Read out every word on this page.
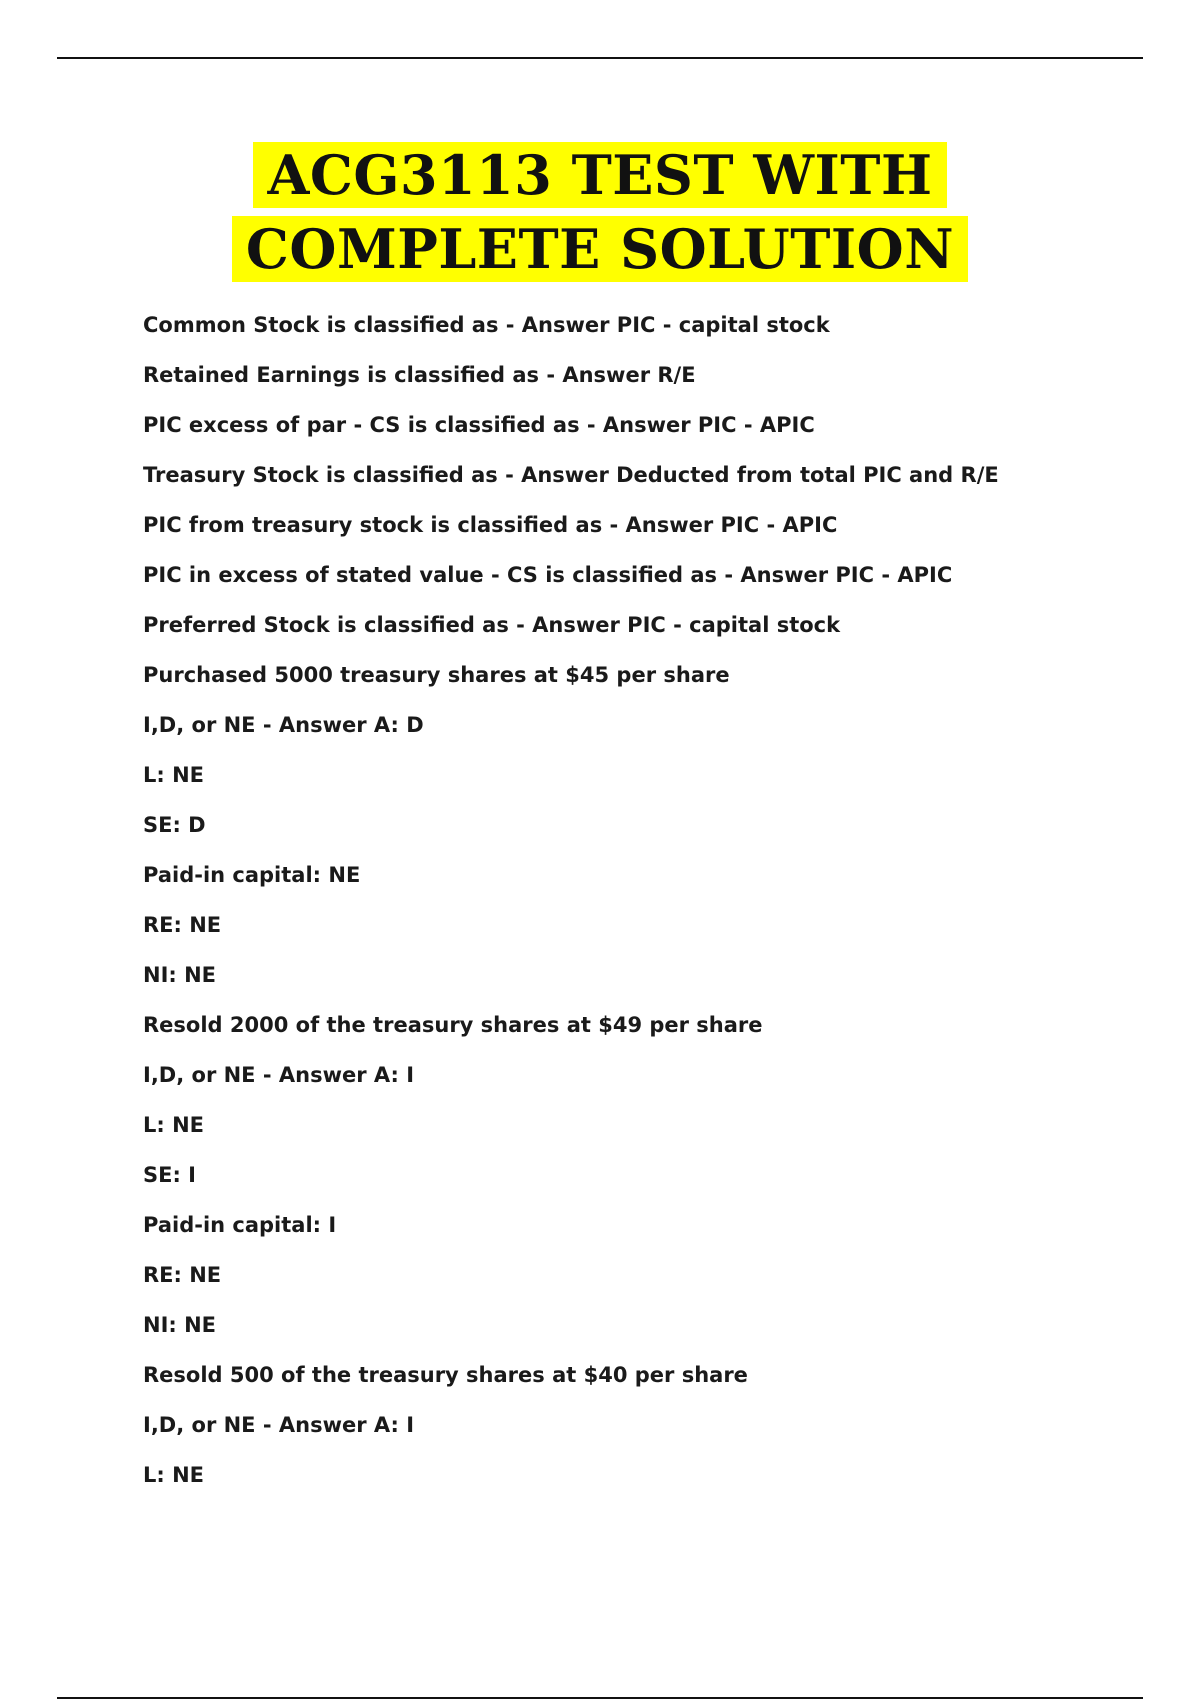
ACG3113 TEST WITH
COMPLETE SOLUTION
Common Stock is classified as - Answer PIC - capital stock
Retained Earnings is classified as - Answer R/E
PIC excess of par - CS is classified as - Answer PIC - APIC
Treasury Stock is classified as - Answer Deducted from total PIC and R/E
PIC from treasury stock is classified as - Answer PIC - APIC
PIC in excess of stated value - CS is classified as - Answer PIC - APIC
Preferred Stock is classified as - Answer PIC - capital stock
Purchased 5000 treasury shares at $45 per share
I,D, or NE - Answer A: D
L: NE
SE: D
Paid-in capital: NE
RE: NE
NI: NE
Resold 2000 of the treasury shares at $49 per share
I,D, or NE - Answer A: I
L: NE
SE: I
Paid-in capital: I
RE: NE
NI: NE
Resold 500 of the treasury shares at $40 per share
I,D, or NE - Answer A: I
L: NE
